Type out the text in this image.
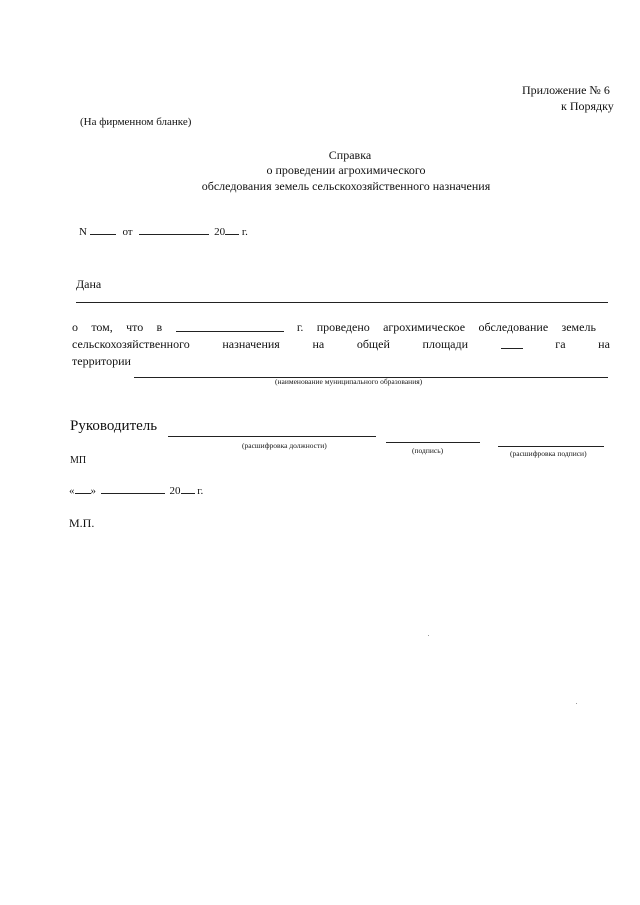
Приложение № 6
к Порядку
(На фирменном бланке)
Справка
о проведении агрохимического
обследования земель сельскохозяйственного назначения
N	от	20 г.
Дана
о том, что в	г. проведено агрохимическое обследование земель
сельскохозяйственного	назначения	на	общей	площади	га	на
территории
(наименование муниципального образования)
Руководитель
(расшифровка должности)
(подпись)	(расшифровка подписи)
МП
« »	20 г.
М.П.
